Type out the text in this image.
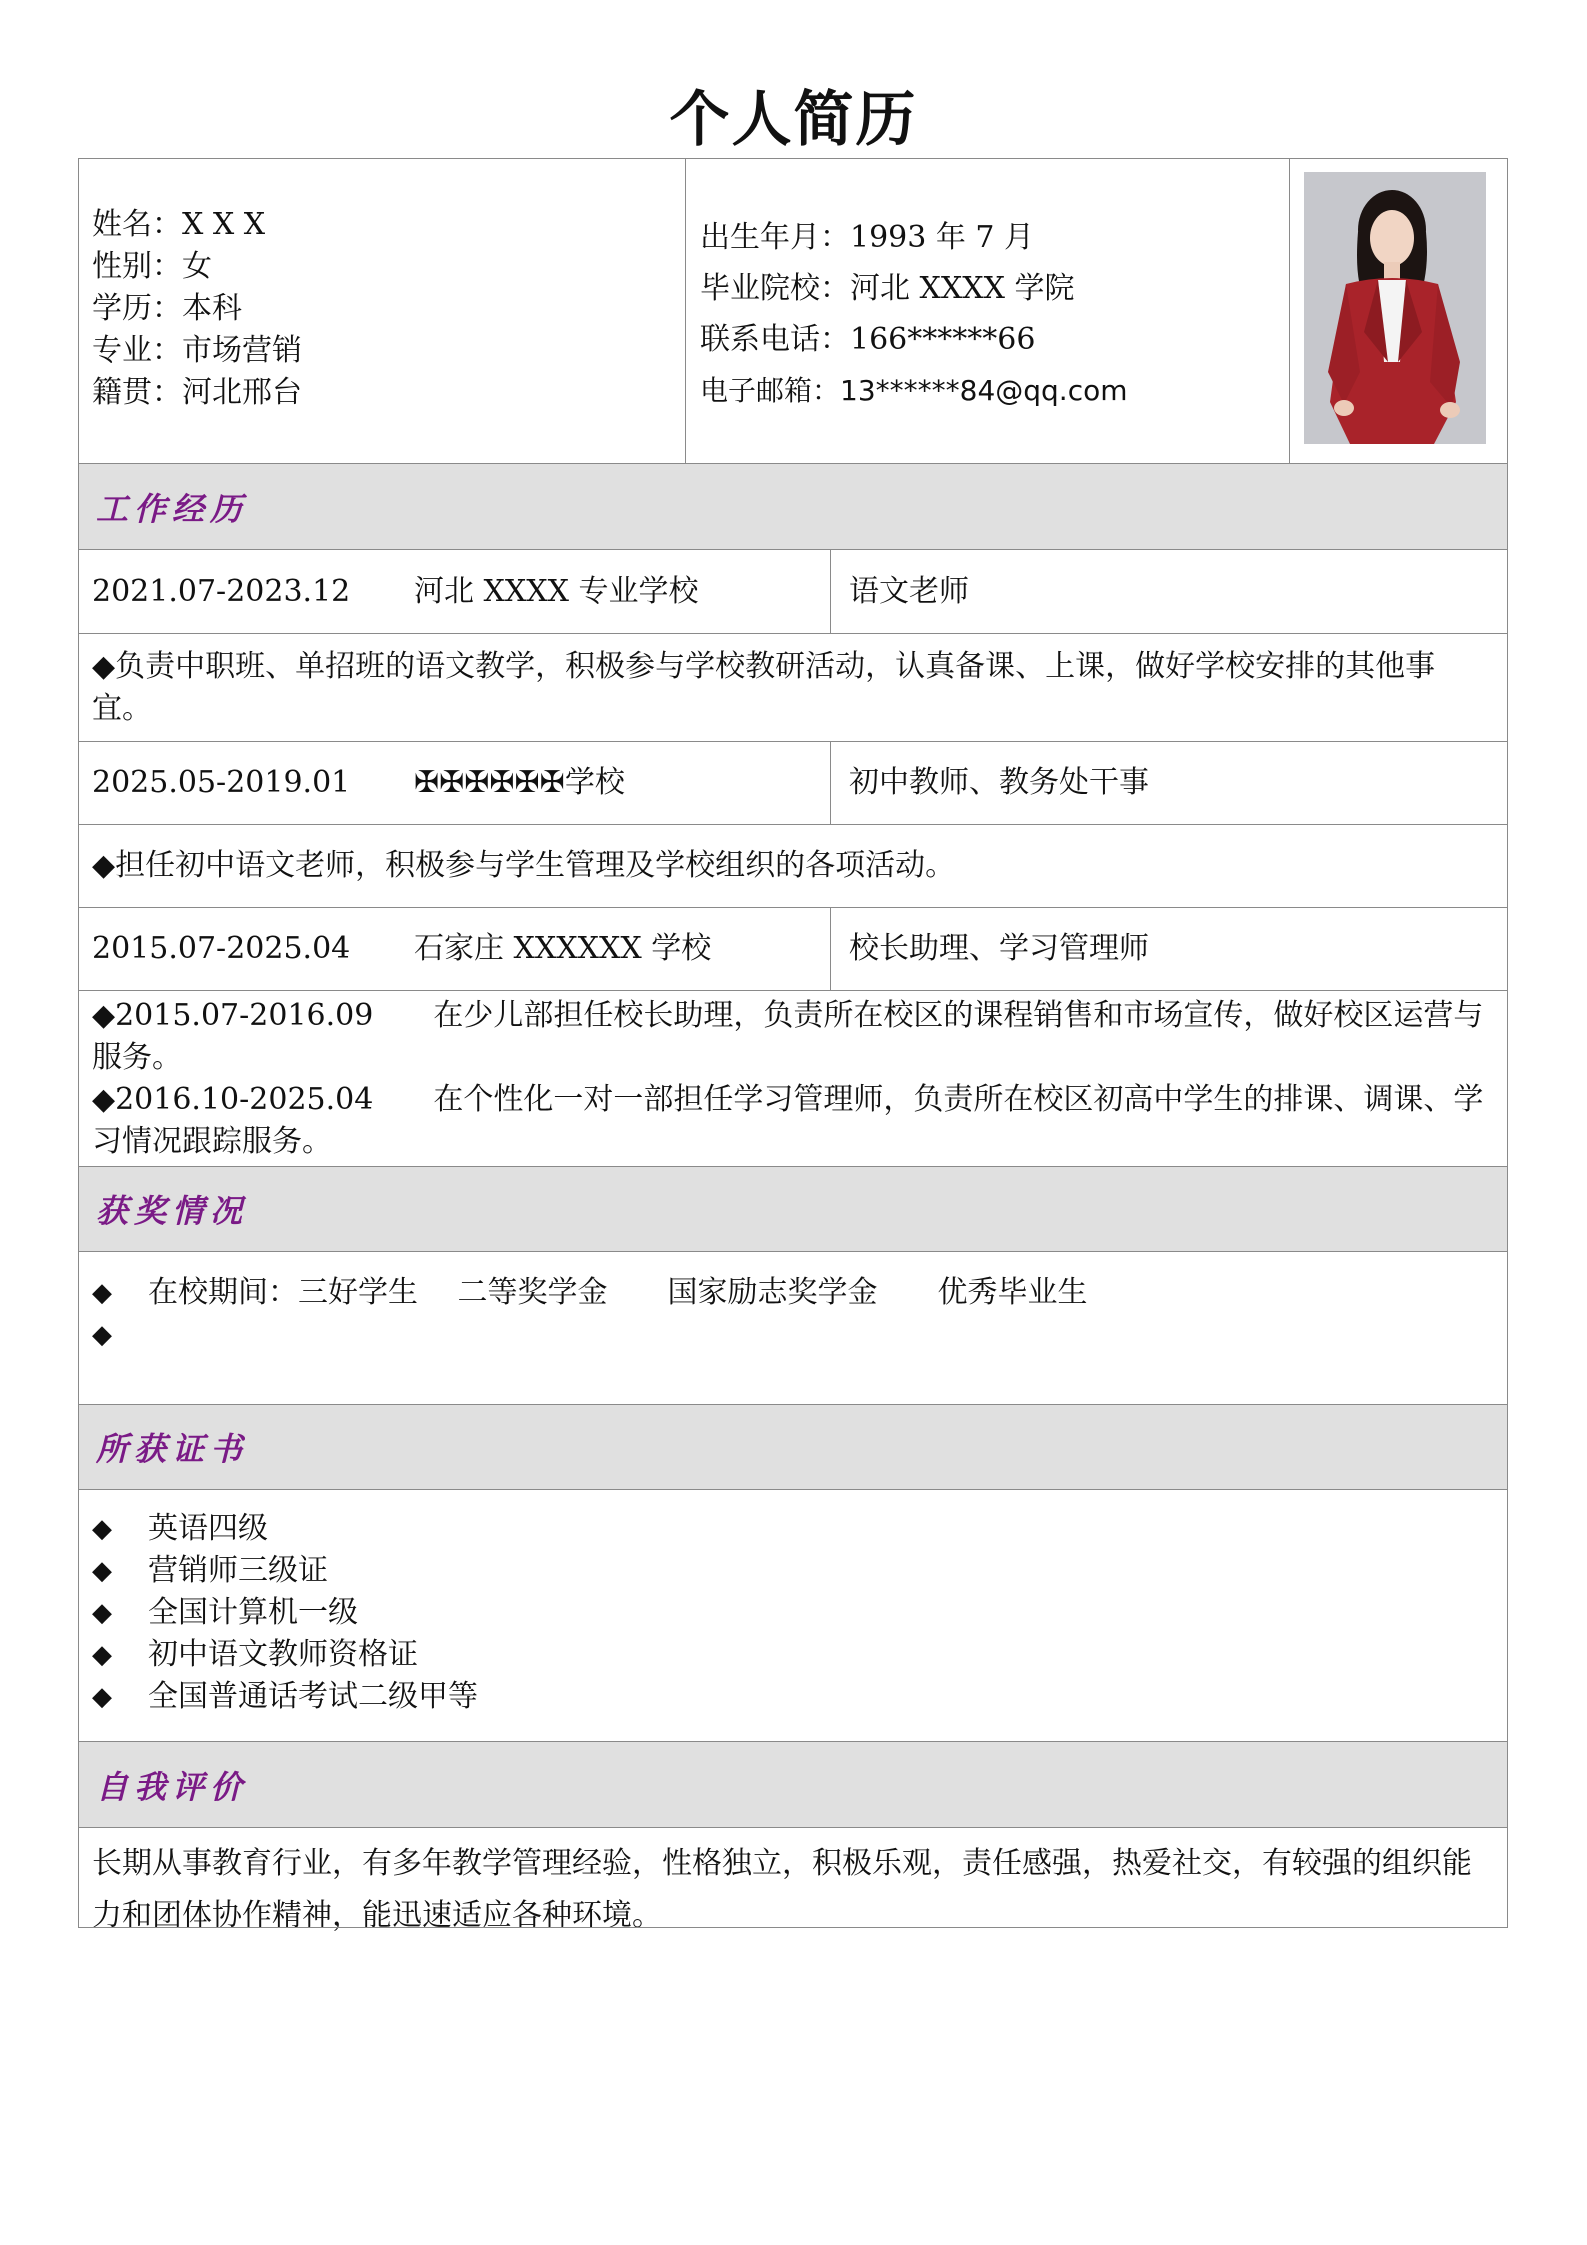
个人简历
姓名：X X X
性别：女
学历：本科
专业：市场营销
籍贯：河北邢台
出生年月：1993 年 7 月
毕业院校：河北 XXXX 学院
联系电话：166******66
电子邮箱：13******84@qq.com
工作经历
2021.07-2023.12 河北 XXXX 专业学校	语文老师
◆负责中职班、单招班的语文教学，积极参与学校教研活动，认真备课、上课，做好学校安排的其他事宜。
2025.05-2019.01 ✠✠✠✠✠✠学校	初中教师、教务处干事
◆担任初中语文老师，积极参与学生管理及学校组织的各项活动。
2015.07-2025.04 石家庄 XXXXXX 学校	校长助理、学习管理师
◆2015.07-2016.09　　在少儿部担任校长助理，负责所在校区的课程销售和市场宣传，做好校区运营与服务。
◆2016.10-2025.04　　在个性化一对一部担任学习管理师，负责所在校区初高中学生的排课、调课、学习情况跟踪服务。
获奖情况
◆	在校期间：三好学生　 二等奖学金　　国家励志奖学金　　优秀毕业生
◆
所获证书
◆	英语四级
◆	营销师三级证
◆	全国计算机一级
◆	初中语文教师资格证
◆	全国普通话考试二级甲等
自我评价
长期从事教育行业，有多年教学管理经验，性格独立，积极乐观，责任感强，热爱社交，有较强的组织能力和团体协作精神，能迅速适应各种环境。
